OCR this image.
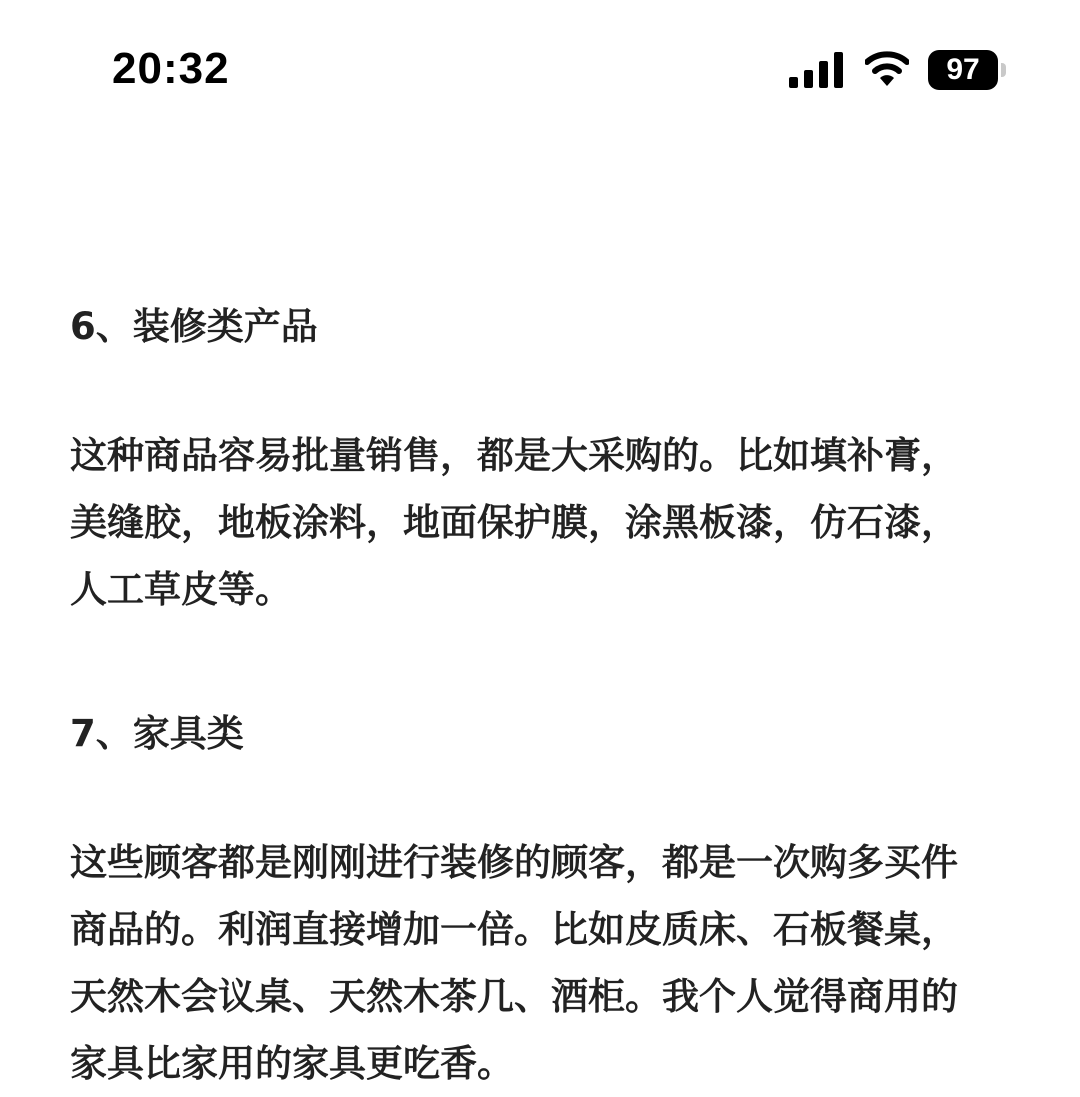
20:32	97

6、装修类产品

这种商品容易批量销售，都是大采购的。比如填补膏，美缝胶，地板涂料，地面保护膜，涂黑板漆，仿石漆，人工草皮等。

7、家具类

这些顾客都是刚刚进行装修的顾客，都是一次购多买件商品的。利润直接增加一倍。比如皮质床、石板餐桌，天然木会议桌、天然木茶几、酒柜。我个人觉得商用的家具比家用的家具更吃香。
